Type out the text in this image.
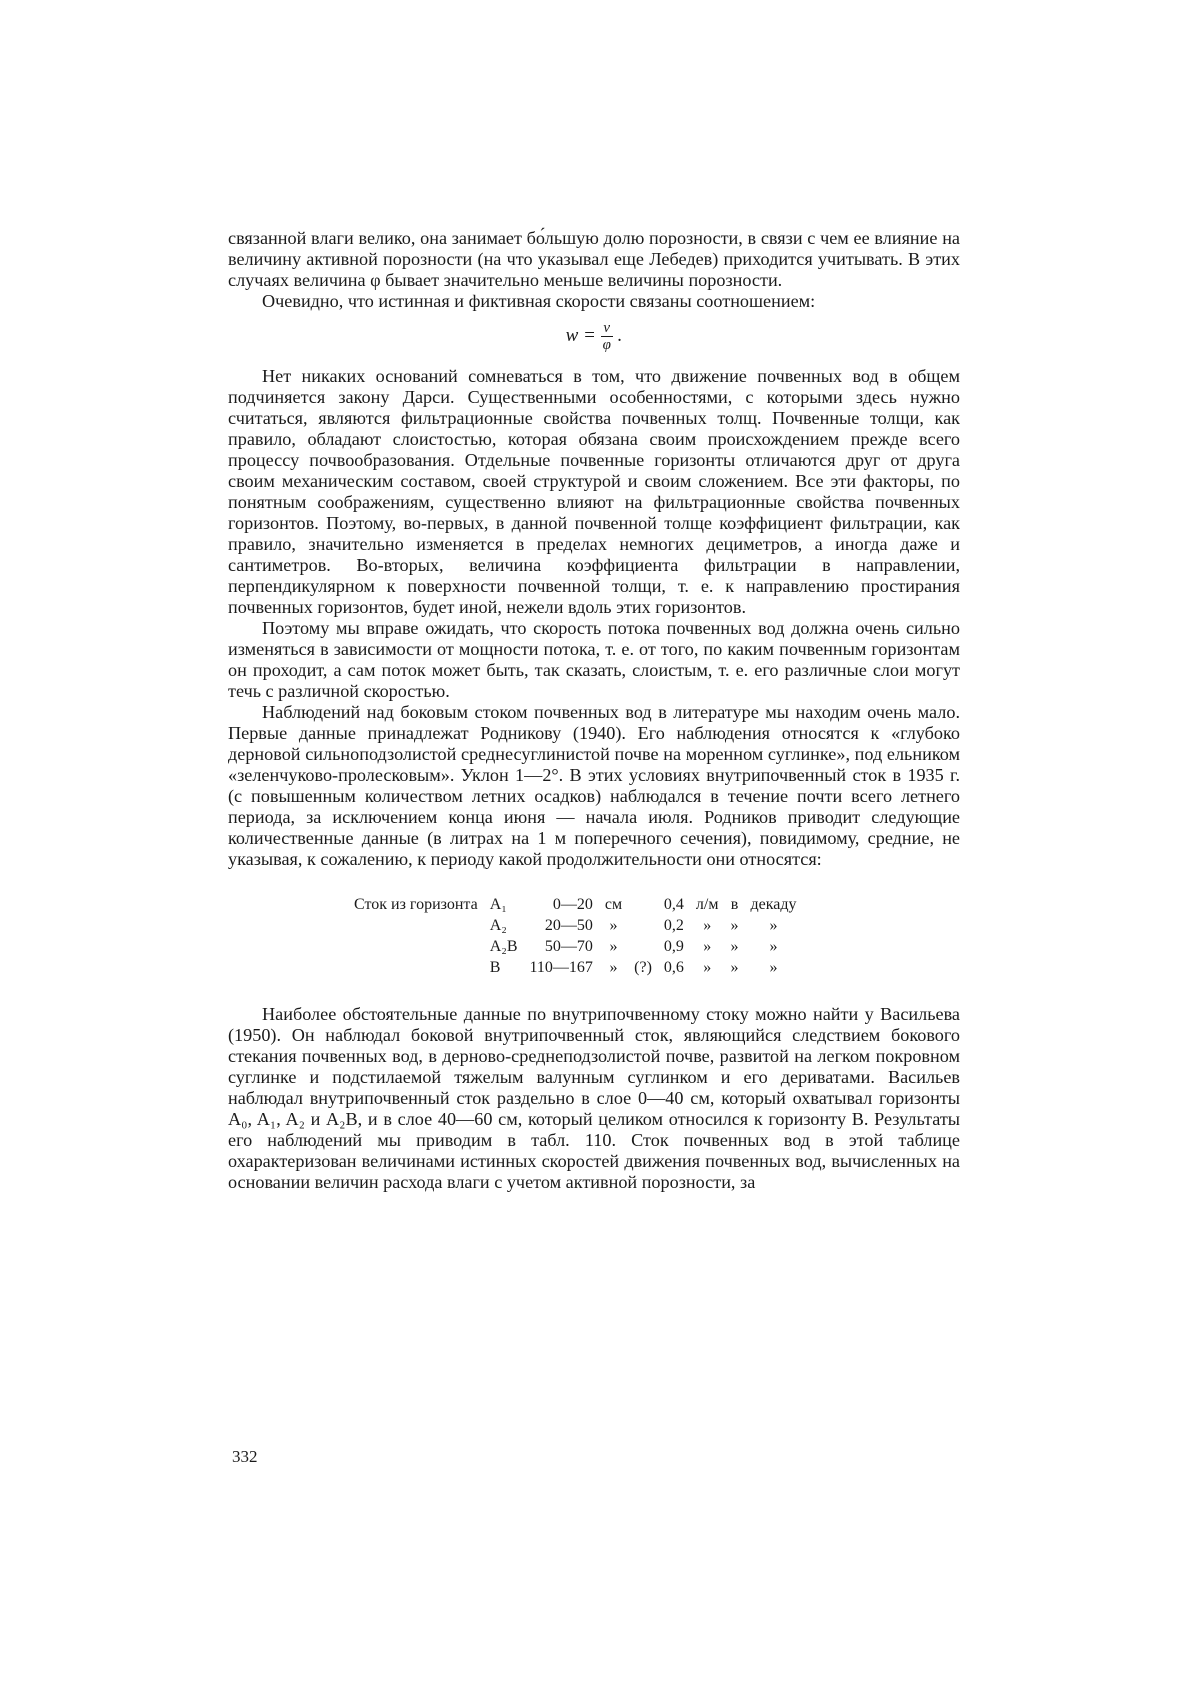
связанной влаги велико, она занимает бо́льшую долю порозности, в связи с чем ее влияние на величину активной порозности (на что указывал еще Лебедев) приходится учитывать. В этих случаях величина φ бывает значительно меньше величины порозности.

Очевидно, что истинная и фиктивная скорости связаны соотношением:

$w = \frac{v}{\varphi}$ .

Нет никаких оснований сомневаться в том, что движение почвенных вод в общем подчиняется закону Дарси. Существенными особенностями, с которыми здесь нужно считаться, являются фильтрационные свойства почвенных толщ. Почвенные толщи, как правило, обладают слоистостью, которая обязана своим происхождением прежде всего процессу почвообразования. Отдельные почвенные горизонты отличаются друг от друга своим механическим составом, своей структурой и своим сложением. Все эти факторы, по понятным соображениям, существенно влияют на фильтрационные свойства почвенных горизонтов. Поэтому, во-первых, в данной почвенной толще коэффициент фильтрации, как правило, значительно изменяется в пределах немногих дециметров, а иногда даже и сантиметров. Во-вторых, величина коэффициента фильтрации в направлении, перпендикулярном к поверхности почвенной толщи, т. е. к направлению простирания почвенных горизонтов, будет иной, нежели вдоль этих горизонтов.

Поэтому мы вправе ожидать, что скорость потока почвенных вод должна очень сильно изменяться в зависимости от мощности потока, т. е. от того, по каким почвенным горизонтам он проходит, а сам поток может быть, так сказать, слоистым, т. е. его различные слои могут течь с различной скоростью.

Наблюдений над боковым стоком почвенных вод в литературе мы находим очень мало. Первые данные принадлежат Родникову (1940). Его наблюдения относятся к «глубоко дерновой сильноподзолистой среднесуглинистой почве на моренном суглинке», под ельником «зеленчуково-пролесковым». Уклон 1—2°. В этих условиях внутрипочвенный сток в 1935 г. (с повышенным количеством летних осадков) наблюдался в течение почти всего летнего периода, за исключением конца июня — начала июля. Родников приводит следующие количественные данные (в литрах на 1 м поперечного сечения), повидимому, средние, не указывая, к сожалению, к периоду какой продолжительности они относятся:

Сток из горизонта	A₁	0—20	см		0,4	л/м	в	декаду
	A₂	20—50	»		0,2	»	»	»
	A₂B	50—70	»		0,9	»	»	»
	B	110—167	»	(?)	0,6	»	»	»

Наиболее обстоятельные данные по внутрипочвенному стоку можно найти у Васильева (1950). Он наблюдал боковой внутрипочвенный сток, являющийся следствием бокового стекания почвенных вод, в дерново-среднеподзолистой почве, развитой на легком покровном суглинке и подстилаемой тяжелым валунным суглинком и его дериватами. Васильев наблюдал внутрипочвенный сток раздельно в слое 0—40 см, который охватывал горизонты A₀, A₁, A₂ и A₂B, и в слое 40—60 см, который целиком относился к горизонту B. Результаты его наблюдений мы приводим в табл. 110. Сток почвенных вод в этой таблице охарактеризован величинами истинных скоростей движения почвенных вод, вычисленных на основании величин расхода влаги с учетом активной порозности, за

332
